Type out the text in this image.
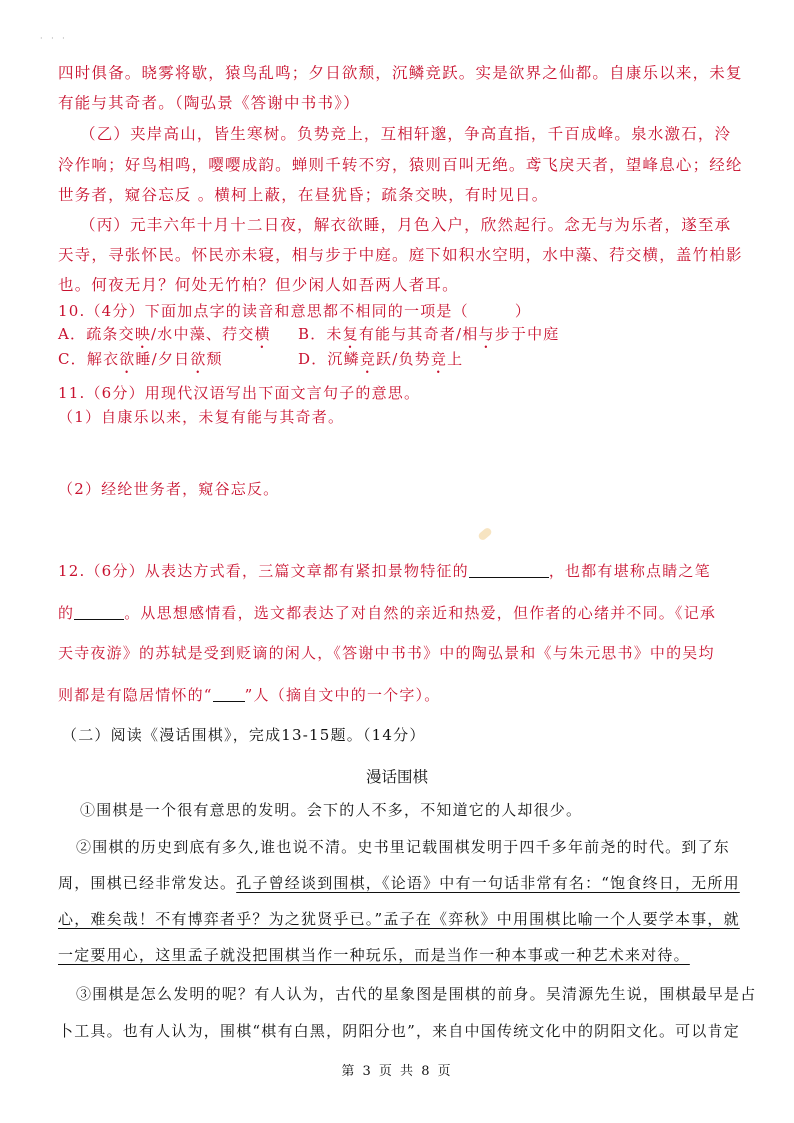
· · ·
四时俱备。晓雾将歇，猿鸟乱鸣；夕日欲颓，沉鳞竞跃。实是欲界之仙都。自康乐以来，未复
有能与其奇者。（陶弘景《答谢中书书》）
（乙）夹岸高山，皆生寒树。负势竞上，互相轩邈，争高直指，千百成峰。泉水激石，泠
泠作响；好鸟相鸣，嘤嘤成韵。蝉则千转不穷，猿则百叫无绝。鸢飞戾天者，望峰息心；经纶
世务者，窥谷忘反 。横柯上蔽，在昼犹昏；疏条交映，有时见日。
（丙）元丰六年十月十二日夜，解衣欲睡，月色入户，欣然起行。念无与为乐者，遂至承
天寺，寻张怀民。怀民亦未寝，相与步于中庭。庭下如积水空明，水中藻、荇交横，盖竹柏影
也。何夜无月？何处无竹柏？但少闲人如吾两人者耳。
10.（4分）下面加点字的读音和意思都不相同的一项是（	）
A．疏条交映/水中藻、荇交横	B．未复有能与其奇者/相与步于中庭
C．解衣欲睡/夕日欲颓	D．沉鳞竞跃/负势竞上
11.（6分）用现代汉语写出下面文言句子的意思。
（1）自康乐以来，未复有能与其奇者。
（2）经纶世务者，窥谷忘反。
12.（6分）从表达方式看，三篇文章都有紧扣景物特征的	，也都有堪称点睛之笔
的	。从思想感情看，选文都表达了对自然的亲近和热爱，但作者的心绪并不同。《记承
天寺夜游》的苏轼是受到贬谪的闲人，《答谢中书书》中的陶弘景和《与朱元思书》中的吴均
则都是有隐居情怀的“ ”人（摘自文中的一个字）。
（二）阅读《漫话围棋》，完成13-15题。（14分）
漫话围棋
①围棋是一个很有意思的发明。会下的人不多，不知道它的人却很少。
②围棋的历史到底有多久,谁也说不清。史书里记载围棋发明于四千多年前尧的时代。到了东
周，围棋已经非常发达。孔子曾经谈到围棋，《论语》中有一句话非常有名：“饱食终日，无所用
心，难矣哉！不有博弈者乎？为之犹贤乎已。”孟子在《弈秋》中用围棋比喻一个人要学本事，就
一定要用心，这里孟子就没把围棋当作一种玩乐，而是当作一种本事或一种艺术来对待。
③围棋是怎么发明的呢？有人认为，古代的星象图是围棋的前身。吴清源先生说，围棋最早是占
卜工具。也有人认为，围棋“棋有白黑，阴阳分也”，来自中国传统文化中的阴阳文化。可以肯定
第 3 页 共 8 页
